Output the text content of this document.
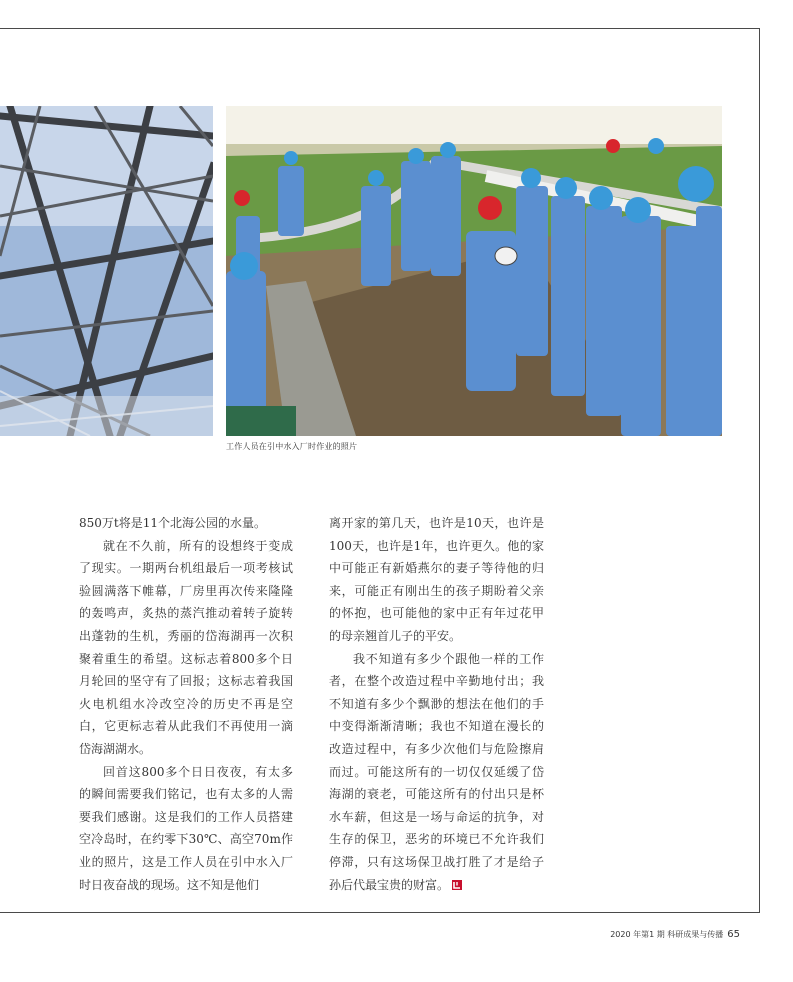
工作人员在引中水入厂时作业的照片

850万t将是11个北海公园的水量。

就在不久前，所有的设想终于变成了现实。一期两台机组最后一项考核试验圆满落下帷幕，厂房里再次传来隆隆的轰鸣声，炙热的蒸汽推动着转子旋转出蓬勃的生机，秀丽的岱海湖再一次积聚着重生的希望。这标志着800多个日月轮回的坚守有了回报；这标志着我国火电机组水冷改空冷的历史不再是空白，它更标志着从此我们不再使用一滴岱海湖湖水。

回首这800多个日日夜夜，有太多的瞬间需要我们铭记，也有太多的人需要我们感谢。这是我们的工作人员搭建空冷岛时，在约零下30℃、高空70m作业的照片，这是工作人员在引中水入厂时日夜奋战的现场。这不知是他们

离开家的第几天，也许是10天，也许是100天，也许是1年，也许更久。他的家中可能正有新婚燕尔的妻子等待他的归来，可能正有刚出生的孩子期盼着父亲的怀抱，也可能他的家中正有年过花甲的母亲翘首儿子的平安。

我不知道有多少个跟他一样的工作者，在整个改造过程中辛勤地付出；我不知道有多少个飘渺的想法在他们的手中变得渐渐清晰；我也不知道在漫长的改造过程中，有多少次他们与危险擦肩而过。可能这所有的一切仅仅延缓了岱海湖的衰老，可能这所有的付出只是杯水车薪，但这是一场与命运的抗争，对生存的保卫，恶劣的环境已不允许我们停滞，只有这场保卫战打胜了才是给子孙后代最宝贵的财富。

2020 年第1 期 科研成果与传播 65
